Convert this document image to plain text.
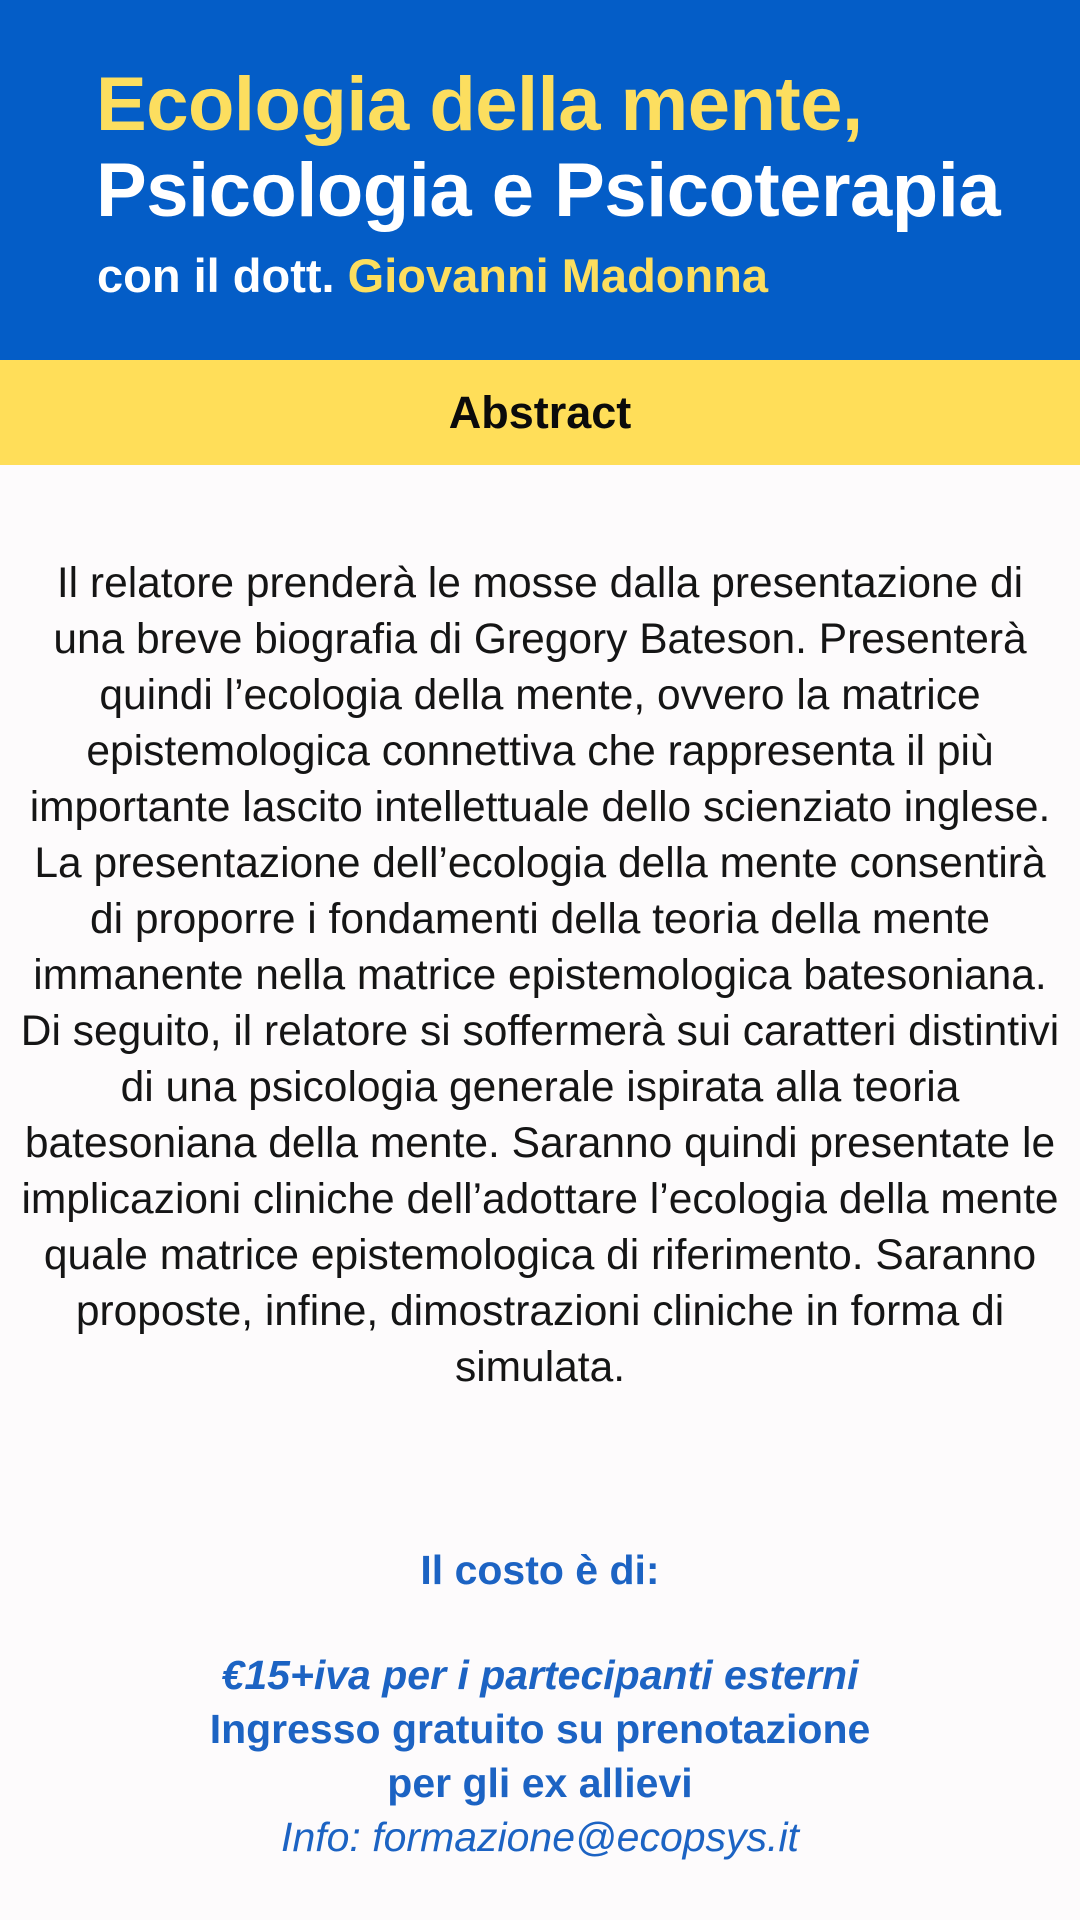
Ecologia della mente,
Psicologia e Psicoterapia
con il dott. Giovanni Madonna
Abstract

Il relatore prenderà le mosse dalla presentazione di una breve biografia di Gregory Bateson. Presenterà quindi l’ecologia della mente, ovvero la matrice epistemologica connettiva che rappresenta il più importante lascito intellettuale dello scienziato inglese. La presentazione dell’ecologia della mente consentirà di proporre i fondamenti della teoria della mente immanente nella matrice epistemologica batesoniana. Di seguito, il relatore si soffermerà sui caratteri distintivi di una psicologia generale ispirata alla teoria batesoniana della mente. Saranno quindi presentate le implicazioni cliniche dell’adottare l’ecologia della mente quale matrice epistemologica di riferimento. Saranno proposte, infine, dimostrazioni cliniche in forma di simulata.

Il costo è di:
€15+iva per i partecipanti esterni
Ingresso gratuito su prenotazione
per gli ex allievi
Info: formazione@ecopsys.it
